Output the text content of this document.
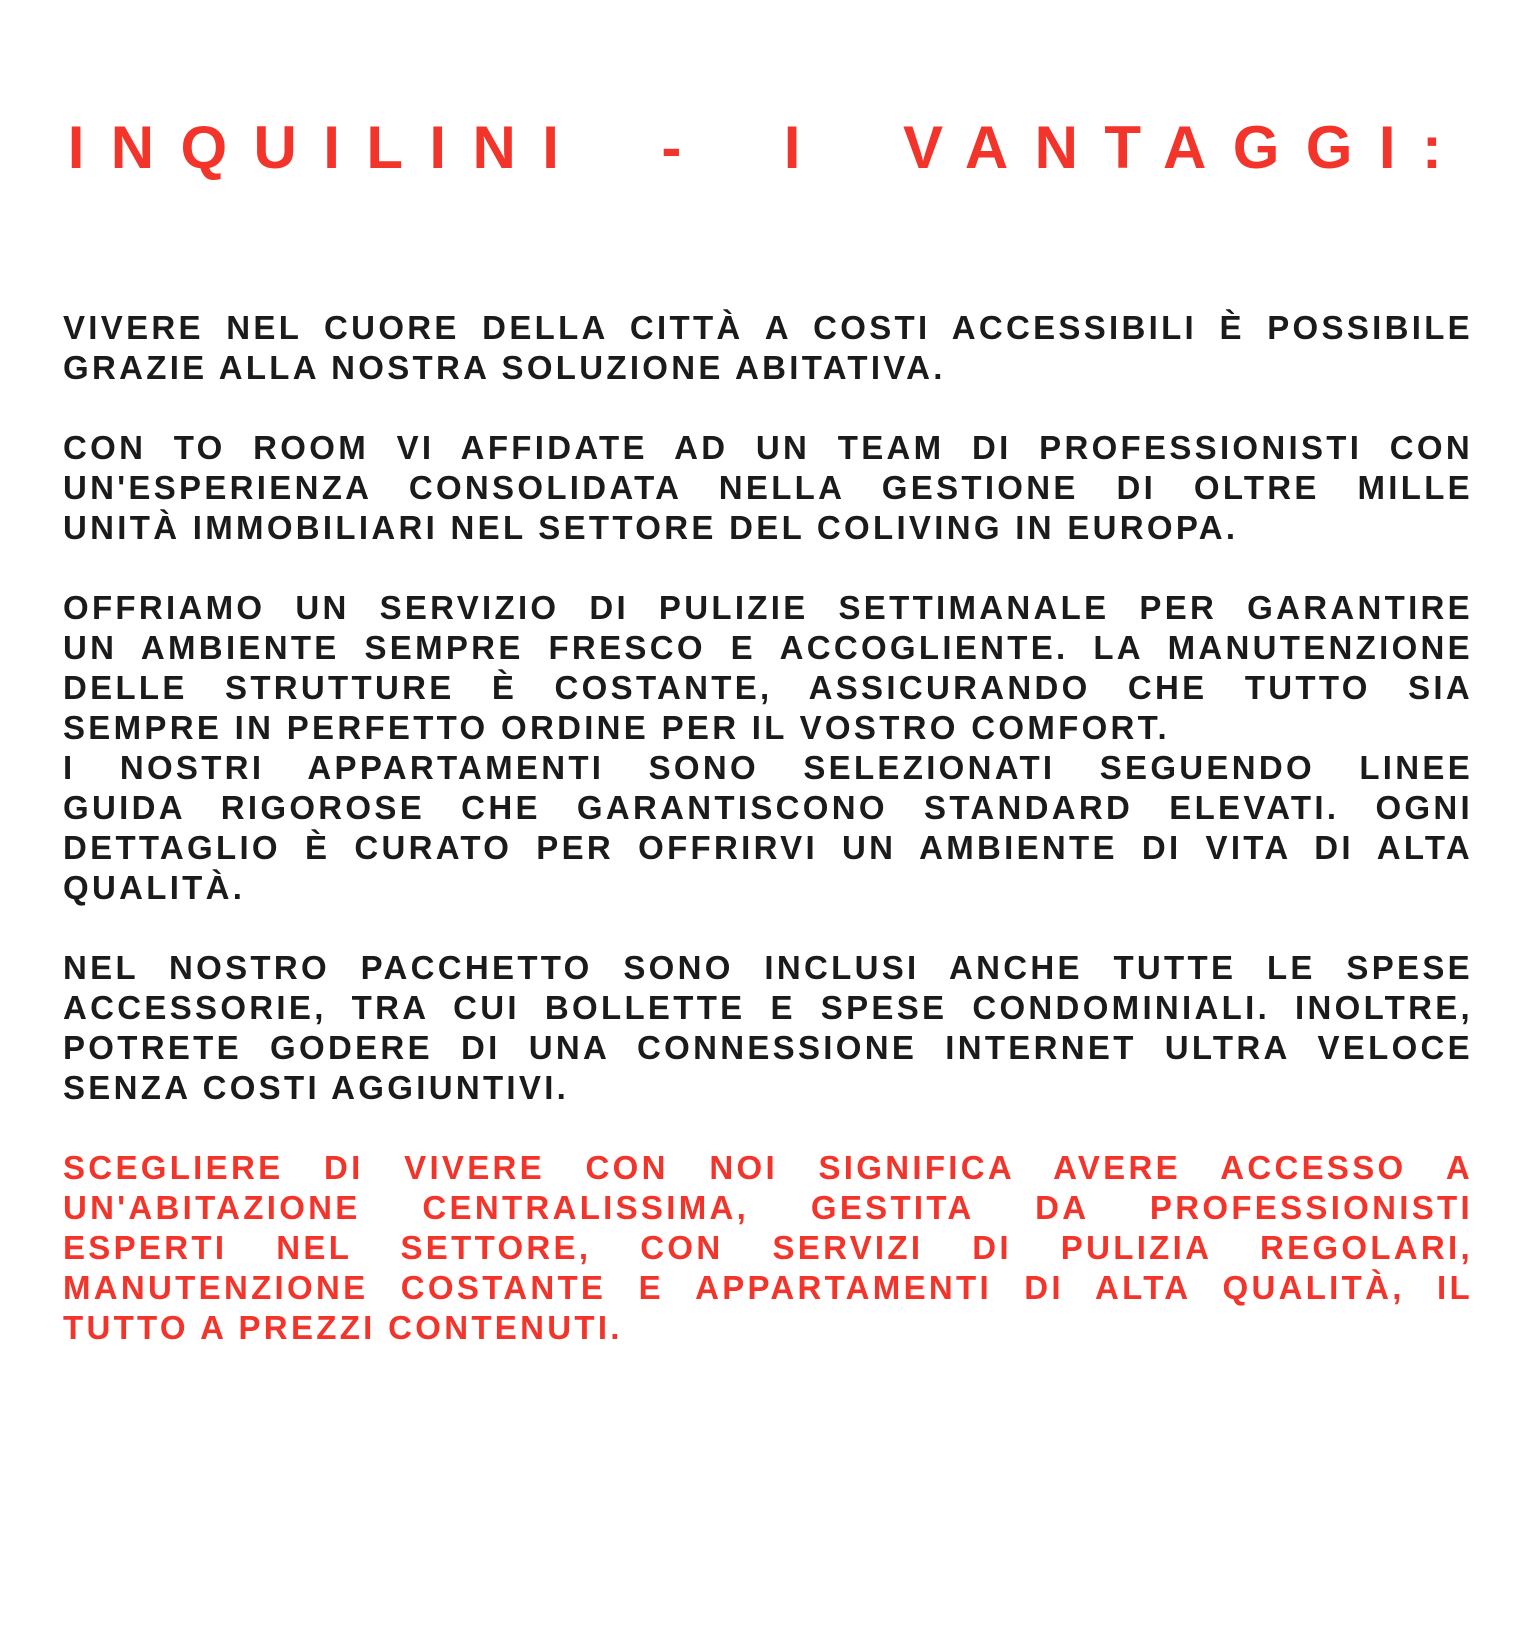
INQUILINI - I VANTAGGI:
VIVERE NEL CUORE DELLA CITTÀ A COSTI ACCESSIBILI È POSSIBILE
GRAZIE ALLA NOSTRA SOLUZIONE ABITATIVA.
CON TO ROOM VI AFFIDATE AD UN TEAM DI PROFESSIONISTI CON
UN'ESPERIENZA CONSOLIDATA NELLA GESTIONE DI OLTRE MILLE
UNITÀ IMMOBILIARI NEL SETTORE DEL COLIVING IN EUROPA.
OFFRIAMO UN SERVIZIO DI PULIZIE SETTIMANALE PER GARANTIRE
UN AMBIENTE SEMPRE FRESCO E ACCOGLIENTE. LA MANUTENZIONE
DELLE STRUTTURE È COSTANTE, ASSICURANDO CHE TUTTO SIA
SEMPRE IN PERFETTO ORDINE PER IL VOSTRO COMFORT.
I NOSTRI APPARTAMENTI SONO SELEZIONATI SEGUENDO LINEE
GUIDA RIGOROSE CHE GARANTISCONO STANDARD ELEVATI. OGNI
DETTAGLIO È CURATO PER OFFRIRVI UN AMBIENTE DI VITA DI ALTA
QUALITÀ.
NEL NOSTRO PACCHETTO SONO INCLUSI ANCHE TUTTE LE SPESE
ACCESSORIE, TRA CUI BOLLETTE E SPESE CONDOMINIALI. INOLTRE,
POTRETE GODERE DI UNA CONNESSIONE INTERNET ULTRA VELOCE
SENZA COSTI AGGIUNTIVI.
SCEGLIERE DI VIVERE CON NOI SIGNIFICA AVERE ACCESSO A
UN'ABITAZIONE CENTRALISSIMA, GESTITA DA PROFESSIONISTI
ESPERTI NEL SETTORE, CON SERVIZI DI PULIZIA REGOLARI,
MANUTENZIONE COSTANTE E APPARTAMENTI DI ALTA QUALITÀ, IL
TUTTO A PREZZI CONTENUTI.
